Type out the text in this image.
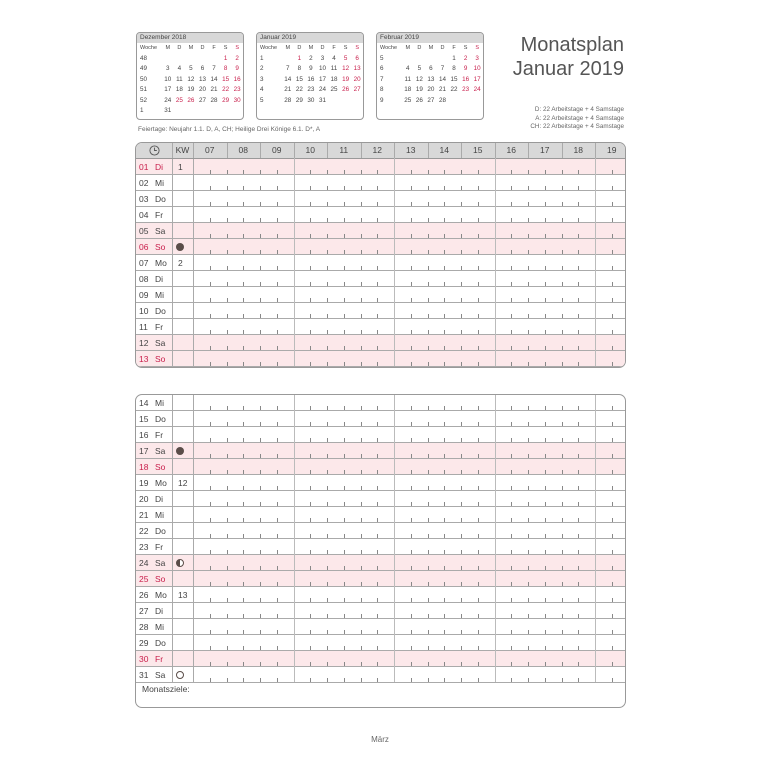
Dezember 2018
Woche	M	D	M	D	F	S	S
48						1	2
49	3	4	5	6	7	8	9
50	10	11	12	13	14	15	16
51	17	18	19	20	21	22	23
52	24	25	26	27	28	29	30
1	31						
Januar 2019
Woche	M	D	M	D	F	S	S
1		1	2	3	4	5	6
2	7	8	9	10	11	12	13
3	14	15	16	17	18	19	20
4	21	22	23	24	25	26	27
5	28	29	30	31			
Februar 2019
Woche	M	D	M	D	F	S	S
5					1	2	3
6	4	5	6	7	8	9	10
7	11	12	13	14	15	16	17
8	18	19	20	21	22	23	24
9	25	26	27	28			
Monatsplan
Januar 2019
D: 22 Arbeitstage + 4 Samstage
A: 22 Arbeitstage + 4 Samstage
CH: 22 Arbeitstage + 4 Samstage
Feiertage: Neujahr 1.1. D, A, CH; Heilige Drei Könige 6.1. D*, A
KW	07	08	09	10	11	12	13	14	15	16	17	18	19
01 Di 1
02 Mi
03 Do
04 Fr
05 Sa
06 So
07 Mo 2
08 Di
09 Mi
10 Do
11 Fr
12 Sa
13 So
14 Mi
15 Do
16 Fr
17 Sa
18 So
19 Mo 12
20 Di
21 Mi
22 Do
23 Fr
24 Sa
25 So
26 Mo 13
27 Di
28 Mi
29 Do
30 Fr
31 Sa
Monatsziele:
März
